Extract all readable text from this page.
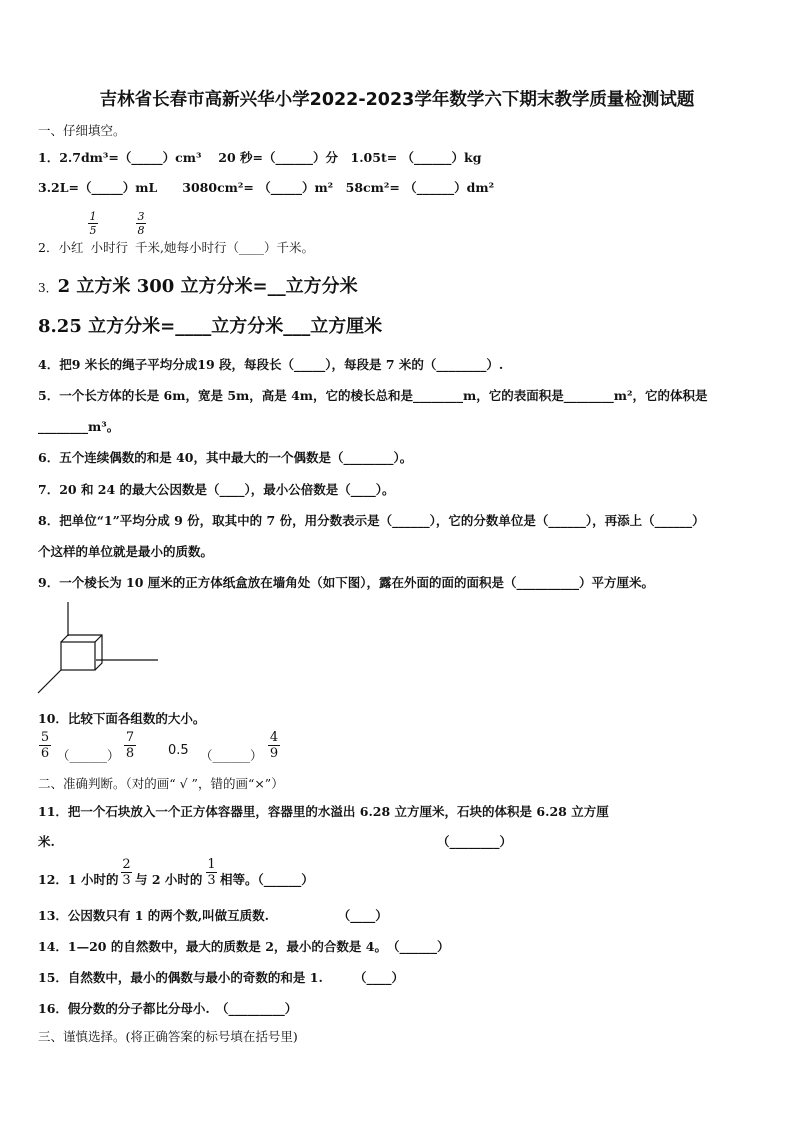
吉林省长春市高新兴华小学2022-2023学年数学六下期末教学质量检测试题
一、仔细填空。
1．2.7dm³=（_____）cm³　 20 秒=（______）分　1.05t= （______）kg
3.2L=（_____）mL　　3080cm²= （_____）m²　58cm²= （______）dm²
1
5
3
8
2．小红 小时行 千米,她每小时行（____）千米。
3．2 立方米 300 立方分米=__立方分米
8.25 立方分米=____立方分米___立方厘米
4．把9 米长的绳子平均分成19 段，每段长（_____），每段是 7 米的（________）.
5．一个长方体的长是 6m，宽是 5m，高是 4m，它的棱长总和是________m，它的表面积是________m²，它的体积是
________m³。
6．五个连续偶数的和是 40，其中最大的一个偶数是（________）。
7．20 和 24 的最大公因数是（____），最小公倍数是（____）。
8．把单位“1”平均分成 9 份，取其中的 7 份，用分数表示是（______），它的分数单位是（______），再添上（______）
个这样的单位就是最小的质数。
9．一个棱长为 10 厘米的正方体纸盒放在墙角处（如下图），露在外面的面的面积是（__________）平方厘米。
10．比较下面各组数的大小。
5
6 （______）
7
8	0.5 （______）
4
9
二、准确判断。（对的画“ √ ”，错的画“×”）
11．把一个石块放入一个正方体容器里，容器里的水溢出 6.28 立方厘米，石块的体积是 6.28 立方厘
米.	（________）
12．1 小时的
2
3 与 2 小时的
1
3 相等。（______）
13．公因数只有 1 的两个数,叫做互质数.　　　　　　（____）
14．1—20 的自然数中，最大的质数是 2，最小的合数是 4。　（______）
15．自然数中，最小的偶数与最小的奇数的和是 1.　　　（____）
16．假分数的分子都比分母小.　（_________）
三、谨慎选择。(将正确答案的标号填在括号里)
